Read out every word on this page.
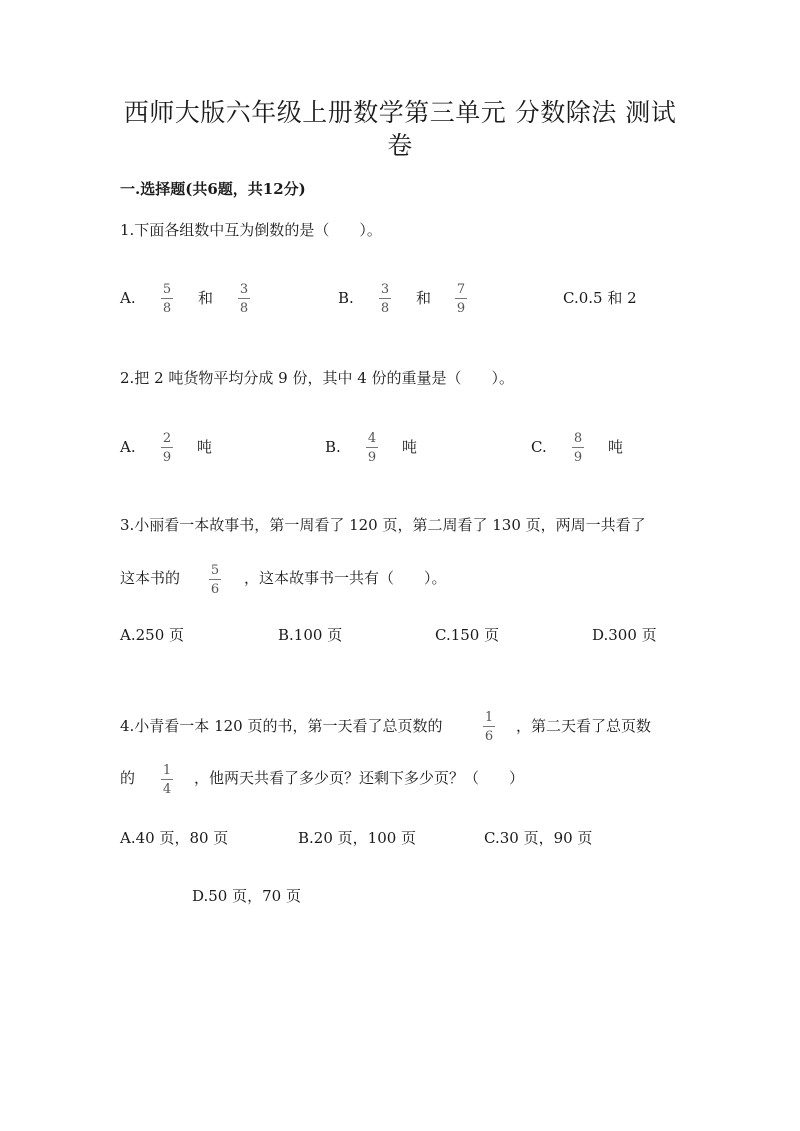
西师大版六年级上册数学第三单元 分数除法 测试
卷
一.选择题(共6题，共12分)
1.下面各组数中互为倒数的是（　　）。
A. 5
8
和 3
8
B. 3
8
和 7
9
C.0.5 和 2
2.把 2 吨货物平均分成 9 份，其中 4 份的重量是（　　）。
A. 2
9
吨	B. 4
9
吨	C. 8
9
吨
3.小丽看一本故事书，第一周看了 120 页，第二周看了 130 页，两周一共看了
这本书的 5
6
，这本故事书一共有（　　）。
A.250 页	B.100 页	C.150 页	D.300 页
4.小青看一本 120 页的书，第一天看了总页数的	1
6
，第二天看了总页数
的 1
4
，他两天共看了多少页？还剩下多少页？（　　）
A.40 页，80 页	B.20 页，100 页	C.30 页，90 页
D.50 页，70 页
